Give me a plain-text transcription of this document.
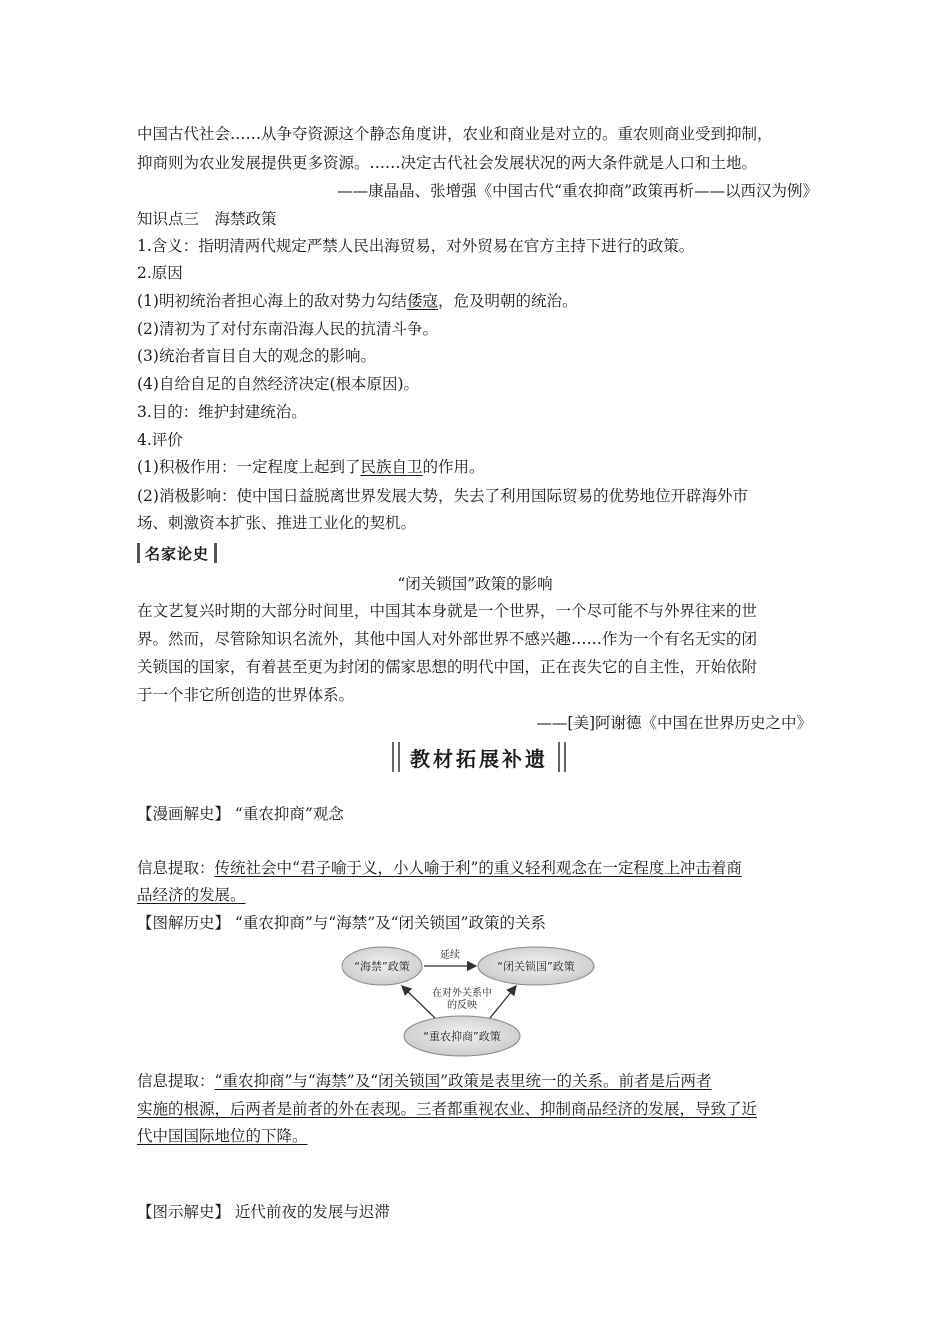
中国古代社会……从争夺资源这个静态角度讲，农业和商业是对立的。重农则商业受到抑制，
抑商则为农业发展提供更多资源。……决定古代社会发展状况的两大条件就是人口和土地。
——康晶晶、张增强《中国古代“重农抑商”政策再析——以西汉为例》
知识点三　海禁政策
1.含义：指明清两代规定严禁人民出海贸易，对外贸易在官方主持下进行的政策。
2.原因
(1)明初统治者担心海上的敌对势力勾结倭寇，危及明朝的统治。
(2)清初为了对付东南沿海人民的抗清斗争。
(3)统治者盲目自大的观念的影响。
(4)自给自足的自然经济决定(根本原因)。
3.目的：维护封建统治。
4.评价
(1)积极作用：一定程度上起到了民族自卫的作用。
(2)消极影响：使中国日益脱离世界发展大势，失去了利用国际贸易的优势地位开辟海外市
场、刺激资本扩张、推进工业化的契机。
名家论史
“闭关锁国”政策的影响
在文艺复兴时期的大部分时间里，中国其本身就是一个世界，一个尽可能不与外界往来的世
界。然而，尽管除知识名流外，其他中国人对外部世界不感兴趣……作为一个有名无实的闭
关锁国的国家，有着甚至更为封闭的儒家思想的明代中国，正在丧失它的自主性，开始依附
于一个非它所创造的世界体系。
——[美]阿谢德《中国在世界历史之中》
教材拓展补遗
【漫画解史】 “重农抑商”观念
信息提取：传统社会中“君子喻于义，小人喻于利”的重义轻利观念在一定程度上冲击着商
品经济的发展。
【图解历史】 “重农抑商”与“海禁”及“闭关锁国”政策的关系
“海禁”政策	“闭关锁国”政策
“重农抑商”政策
延续
在对外关系中
的反映
信息提取：“重农抑商”与“海禁”及“闭关锁国”政策是表里统一的关系。前者是后两者
实施的根源，后两者是前者的外在表现。三者都重视农业、抑制商品经济的发展，导致了近
代中国国际地位的下降。
【图示解史】 近代前夜的发展与迟滞
